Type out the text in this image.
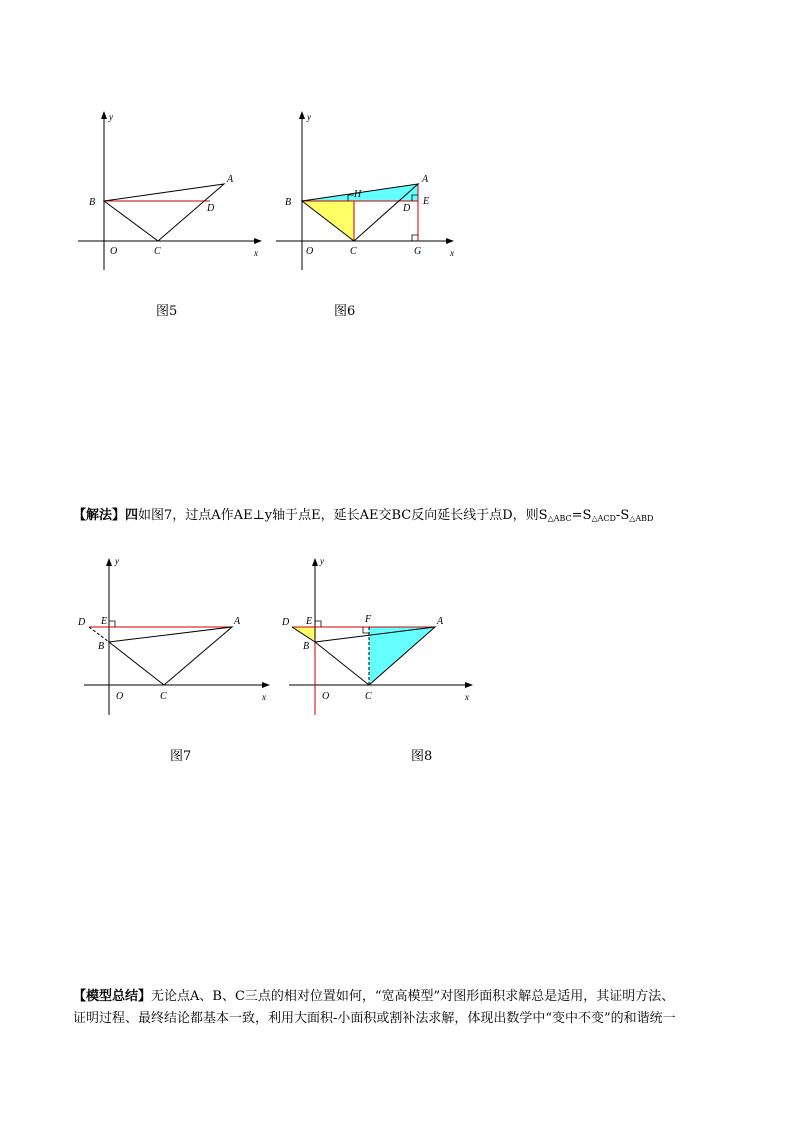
y
x
O
B
C
A
D
图5
y
x
O
B
C
A
D
H
E
G
图6
【解法】四如图7，过点A作AE⊥y轴于点E，延长AE交BC反向延长线于点D，则$S_{\triangle ABC}=S_{\triangle ACD}-S_{\triangle ABD}$
y
x
O
B
C
A
D E
图7
y
x
O
B
C
A
D E	F
图8
【模型总结】无论点A、B、C三点的相对位置如何，“宽高模型”对图形面积求解总是适用，其证明方法、
证明过程、最终结论都基本一致，利用大面积-小面积或割补法求解，体现出数学中“变中不变”的和谐统一
